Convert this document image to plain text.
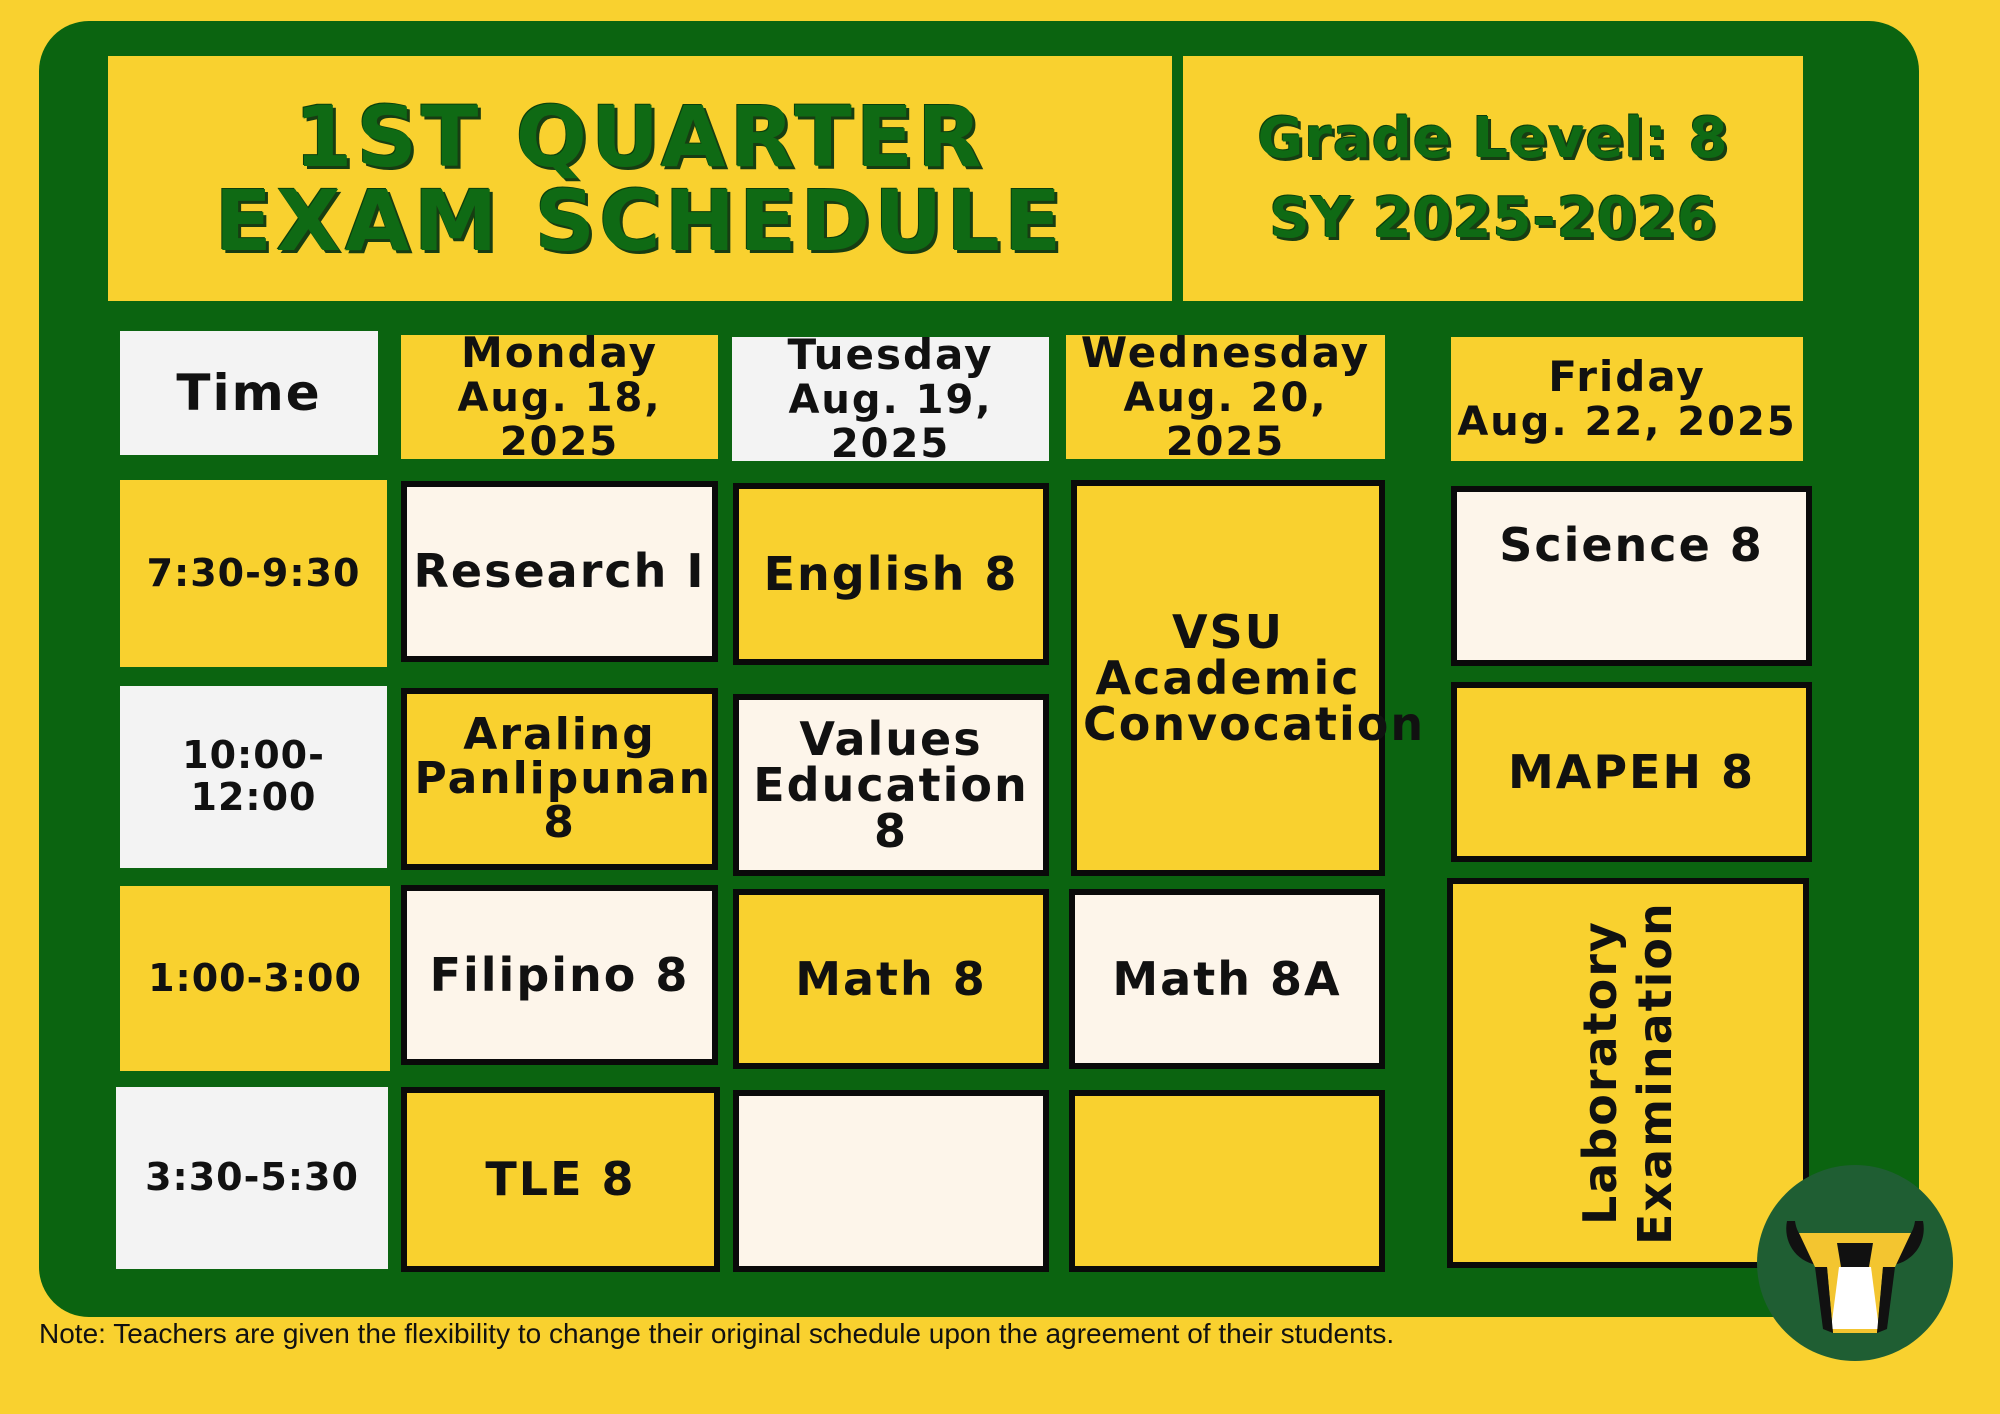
1ST QUARTER
EXAM SCHEDULE
Grade Level: 8
SY 2025-2026
Time
Monday
Aug. 18, 2025
Tuesday
Aug. 19, 2025
Wednesday
Aug. 20, 2025
Friday
Aug. 22, 2025
7:30-9:30
10:00-12:00
1:00-3:00
3:30-5:30
Research I
Araling Panlipunan 8
Filipino 8
TLE 8
English 8
Values Education 8
Math 8
VSU Academic Convocation
Math 8A
Science 8
MAPEH 8
Laboratory Examination
Note: Teachers are given the flexibility to change their original schedule upon the agreement of their students.
